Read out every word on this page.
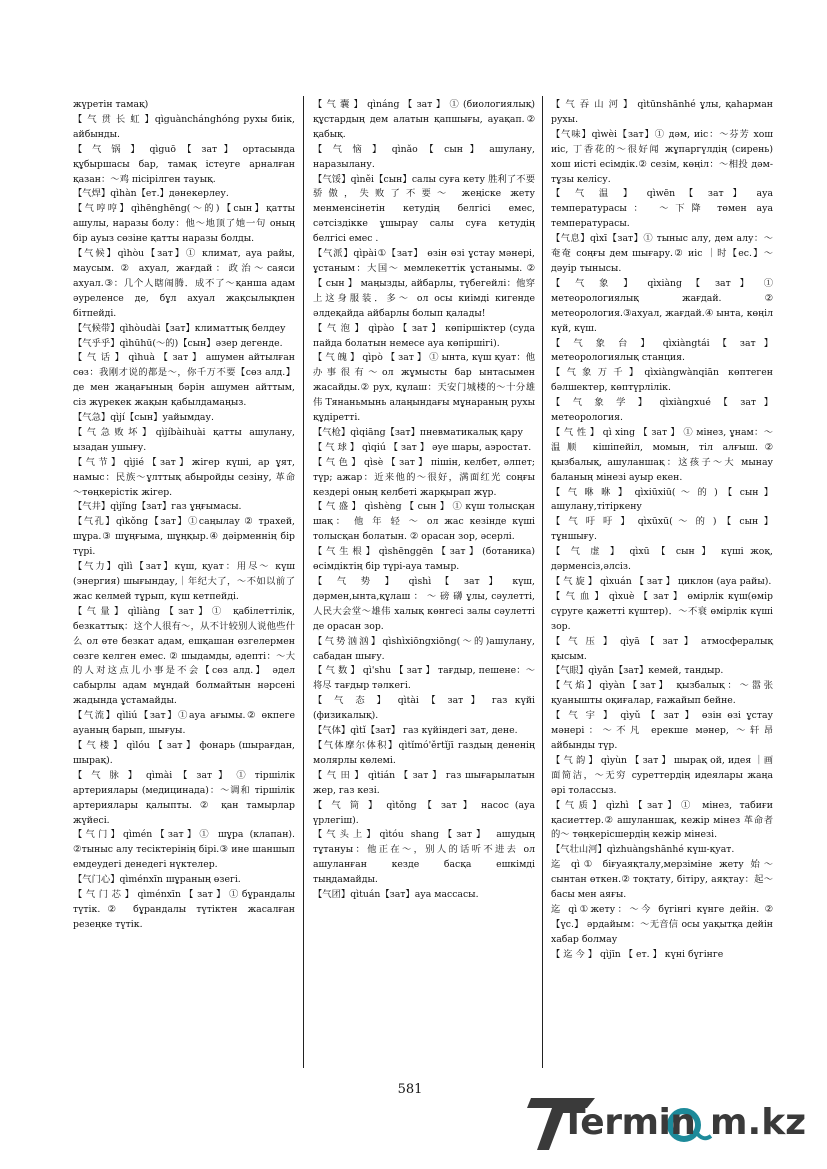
жүретін тамақ)

【 气 贯 长 虹 】qìguànchánghóng рухы биік, айбынды.

【 气 锅 】 qìguō 【 зат 】 ортасында құбыршасы бар, тамақ істеуге арналған қазан：～鸡 пісірілген тауық.

【气焊】qìhàn【ет.】дәнекерлеу.

【气哼哼】qìhēnghēng(～的)【сын】қатты ашулы, наразы болу：他～地顶了她一句 оның бір ауыз сөзіне қатты наразы болды.

【气候】qìhòu【зат】① климат, ауа райы, маусым. ② ахуал, жағдай：政治～саяси ахуал.③：几个人瞎闹腾．成不了～қанша адам әуреленсе де, бұл ахуал жақсылықпен бітпейді.

【气候带】qìhòudài【зат】климаттық белдеу

【气乎乎】qìhūhū(～的)【сын】әзер дегенде.

【 气 话 】 qìhuà 【 зат 】 ашумен айтылған сөз：我刚才说的都是～，你千万不要【сөз алд.】 де мен жаңағының бәрін ашумен айттым, сіз жүрекек жақын қабылдамаңыз.

【气急】qìjí【сын】уайымдау.

【气急败坏】qìjíbàihuài қатты ашулану, ызадан ушығу.

【气节】qìjié【зат】жігер күші, ар ұят, намыс：民族～ұлттық абыройды сезіну, 革命～төңкерістік жігер.

【气井】qìjǐng【зат】газ ұңғымасы.

【气孔】qìkǒng【зат】①саңылау ② трахей, шұра.③ шұңғыма, шұңқыр.④ дәірменнің бір түрі.

【气力】qìlì【зат】күш, қуат：用尽～ күш (энергия) шығындау,｜年纪大了，～不如以前了 жас келмей тұрып, күш кетпейді.

【气量】qìliàng【зат】① қабілеттілік, безкаттық：这个人很有～，从不计较别人说他些什么 ол өте безкат адам, ешқашан өзгелермен сөзге келген емес. ② шыдамды, әдепті：～大的人对这点儿小事是不会【сөз алд.】 әдел сабырлы адам мұндай болмайтын нәрсені жадында ұстамайды.

【气流】qìliú【зат】①ауа ағымы.② өкпеге ауаның барып, шығуы.

【 气 楼 】 qìlóu 【 зат 】 фонарь (шырағдан, шырақ).

【 气 脉 】 qìmài 【 зат 】 ① тіршілік артериялары (медицинада)：～调和 тіршілік артериялары қалыпты. ② қан тамырлар жүйесі.

【气门】qìmén【зат】① шұра (клапан). ②тыныс алу тесіктерінің бірі.③ ине шаншып емдеудегі денедегі нүктелер.

【气门心】qìménxīn шұраның өзегі.

【 气 门 芯 】 qìménxīn 【 зат 】 ① бұрандалы түтік.② бұрандалы түтіктен жасалған резеңке түтік.

【 气 囊 】 qìnáng 【 зат 】 ① (биологиялық) құстардың дем алатын қапшығы, ауақап.② қабық.

【 气 恼 】 qìnǎo 【 сын 】 ашулану, наразылану.

【气馁】qìněi【сын】салы суға кету 胜利了不要骄傲，失败了不要～ жеңіске жету менменсінетін кетудің белгісі емес, сәтсіздікке ұшырау салы суға кетудің белгісі емес .

【气派】qìpài①【зат】 өзін өзі ұстау мәнері, ұстаным：大国～ мемлекеттік ұстанымы. ② 【 сын 】 маңызды, айбарлы, түбегейлі：他穿上这身服装．多～ ол осы киімді кигенде әлдеқайда айбарлы болып қалады!

【 气 泡 】 qìpào 【 зат 】 көпіршіктер (суда пайда болатын немесе ауа көпіршігі).

【 气 魄 】 qìpò 【 зат 】 ① ынта, күш қуат：他办事很有～ол жұмысты бар ынтасымен жасайды.② рух, құлаш：天安门城楼的～十分雄伟 Тянаньмынь алаңындағы мұнараның рухы құдіретті.

【气枪】qìqiāng【зат】пневматикалық қару

【 气 球 】 qìqiú 【 зат 】 әуе шары, аэростат.

【 气 色 】 qìsè 【 зат 】 пішін, келбет, әлпет; түр; ажар：近来他的～很好，满面红光 соңғы кездері оның келбеті жарқырап жүр.

【 气 盛 】 qìshèng 【 сын 】 ① күш толысқан шақ： 他 年 轻 ～ ол жас кезінде күші толысқан болатын. ② орасан зор, әсерлі.

【 气 生 根 】 qìshēnggēn 【 зат 】 (ботаника) өсімдіктің бір түрі-ауа тамыр.

【 气 势 】 qìshì 【 зат 】 күш, дәрмен,ынта,құлаш ： ～ 磅 礴 ұлы, сәулетті, 人民大会堂～雄伟 халық көнгесі залы сәулетті де орасан зор.

【气势汹汹】qìshìxiōngxiōng(～的)ашулану, сабадан шығу.

【 气 数 】 qì'shu 【 зат 】 тағдыр, пешене：～将尽 тағдыр тәлкегі.

【 气 态 】 qìtài 【 зат 】 газ күйі (физикалық).

【气体】qìtǐ【зат】 газ күйіндегі зат, дене.

【气体摩尔体积】qìtǐmó'ěrtǐjī газдың дененің молярлы көлемі.

【 气 田 】 qìtián 【 зат 】 газ шығарылатын жер, газ кезі.

【 气 筒 】 qìtǒng 【 зат 】 насос (ауа үрлегіш).

【气头上】qìtóu shang【зат】 ашудың тұтануы：他正在～，别人的话听不进去 ол ашуланған кезде басқа ешкімді тыңдамайды.

【气团】qìtuán【зат】ауа массасы.

【 气 吞 山 河 】 qìtūnshānhé ұлы, қаһарман рухы.

【气味】qìwèi【зат】① дәм, иіс：～芬芳 хош иіс, 丁香花的～很好闻 жұпаргүлдің (сирень) хош иісті есімдік.② сезім, көңіл：～相投 дәм-тұзы келісу.

【 气 温 】 qìwēn 【 зат 】 ауа температурасы： ～下降 төмен ауа температурасы.

【气息】qìxī【зат】① тыныс алу, дем алу：～奄奄 соңғы дем шығару.② иіс ｜时【ес.】～дәуір тынысы.

【 气 象 】 qìxiàng 【 зат 】 ① метеорологиялық жағдай. ② метеорология.③ахуал, жағдай.④ ынта, көңіл күй, күш.

【 气 象 台 】 qìxiàngtái 【 зат 】 метеорологиялық станция.

【气象万千】qìxiàngwànqiān көптеген бәлшектер, көптүрлілік.

【 气 象 学 】 qìxiàngxué 【 зат 】 метеорология.

【 气 性 】 qì xing 【 зат 】 ① мінез, ұнам：～温顺 кішіпейіл, момын, тіл алғыш.② қызбалық, ашуланшақ：这孩子～大 мынау баланың мінезі ауыр екен.

【 气 咻 咻 】 qìxiūxiū( ～ 的 ) 【 сын 】 ашулану,тітіркену

【 气 吁 吁 】 qìxūxū( ～ 的 ) 【 сын 】 тұншығу.

【 气 虚 】 qìxū 【 сын 】 күші жоқ, дәрменсіз,әлсіз.

【 气 旋 】 qìxuán 【 зат 】 циклон (ауа райы).

【 气 血 】 qìxuè 【 зат 】 өмірлік күш(өмір сүруге қажетті күштер)．～不衰 өмірлік күші зор.

【 气 压 】 qìyā 【 зат 】 атмосфералық қысым.

【气眼】qìyǎn【зат】кемей, тандыр.

【气焰】qìyàn【зат】 қызбалық：～嚣张 қуанышты оқиғалар, ғажайып бейне.

【 气 宇 】 qìyǔ 【 зат 】 өзін өзі ұстау мәнері：～不凡 ерекше мәнер, ～轩昂 айбынды түр.

【 气 韵 】 qìyùn 【 зат 】 шырақ ой, идея ｜画面简洁，～无穷 суреттердің идеялары жаңа әрі толассыз.

【气质】qìzhì【зат】① мінез, табиғи қасиеттер.② ашуланшақ, кежір мінез 革命者的～ төңкерісшердің кежір мінезі.

【气壮山河】qìzhuàngshānhé күш-қуат.

迄 qì① біғуаяқталу,мерзіміне жету 始～ сынтан өткен.② тоқтату, бітіру, аяқтау：起～ басы мен аяғы.

迄 qì①жету：～今 бүгінгі күнге дейін. ②【үс.】 әрдайым：～无音信 осы уақытқа дейін хабар болмау

【 迄 今 】 qìjīn 【 ет. 】 күні бүгінге

581
Termin m.kz
